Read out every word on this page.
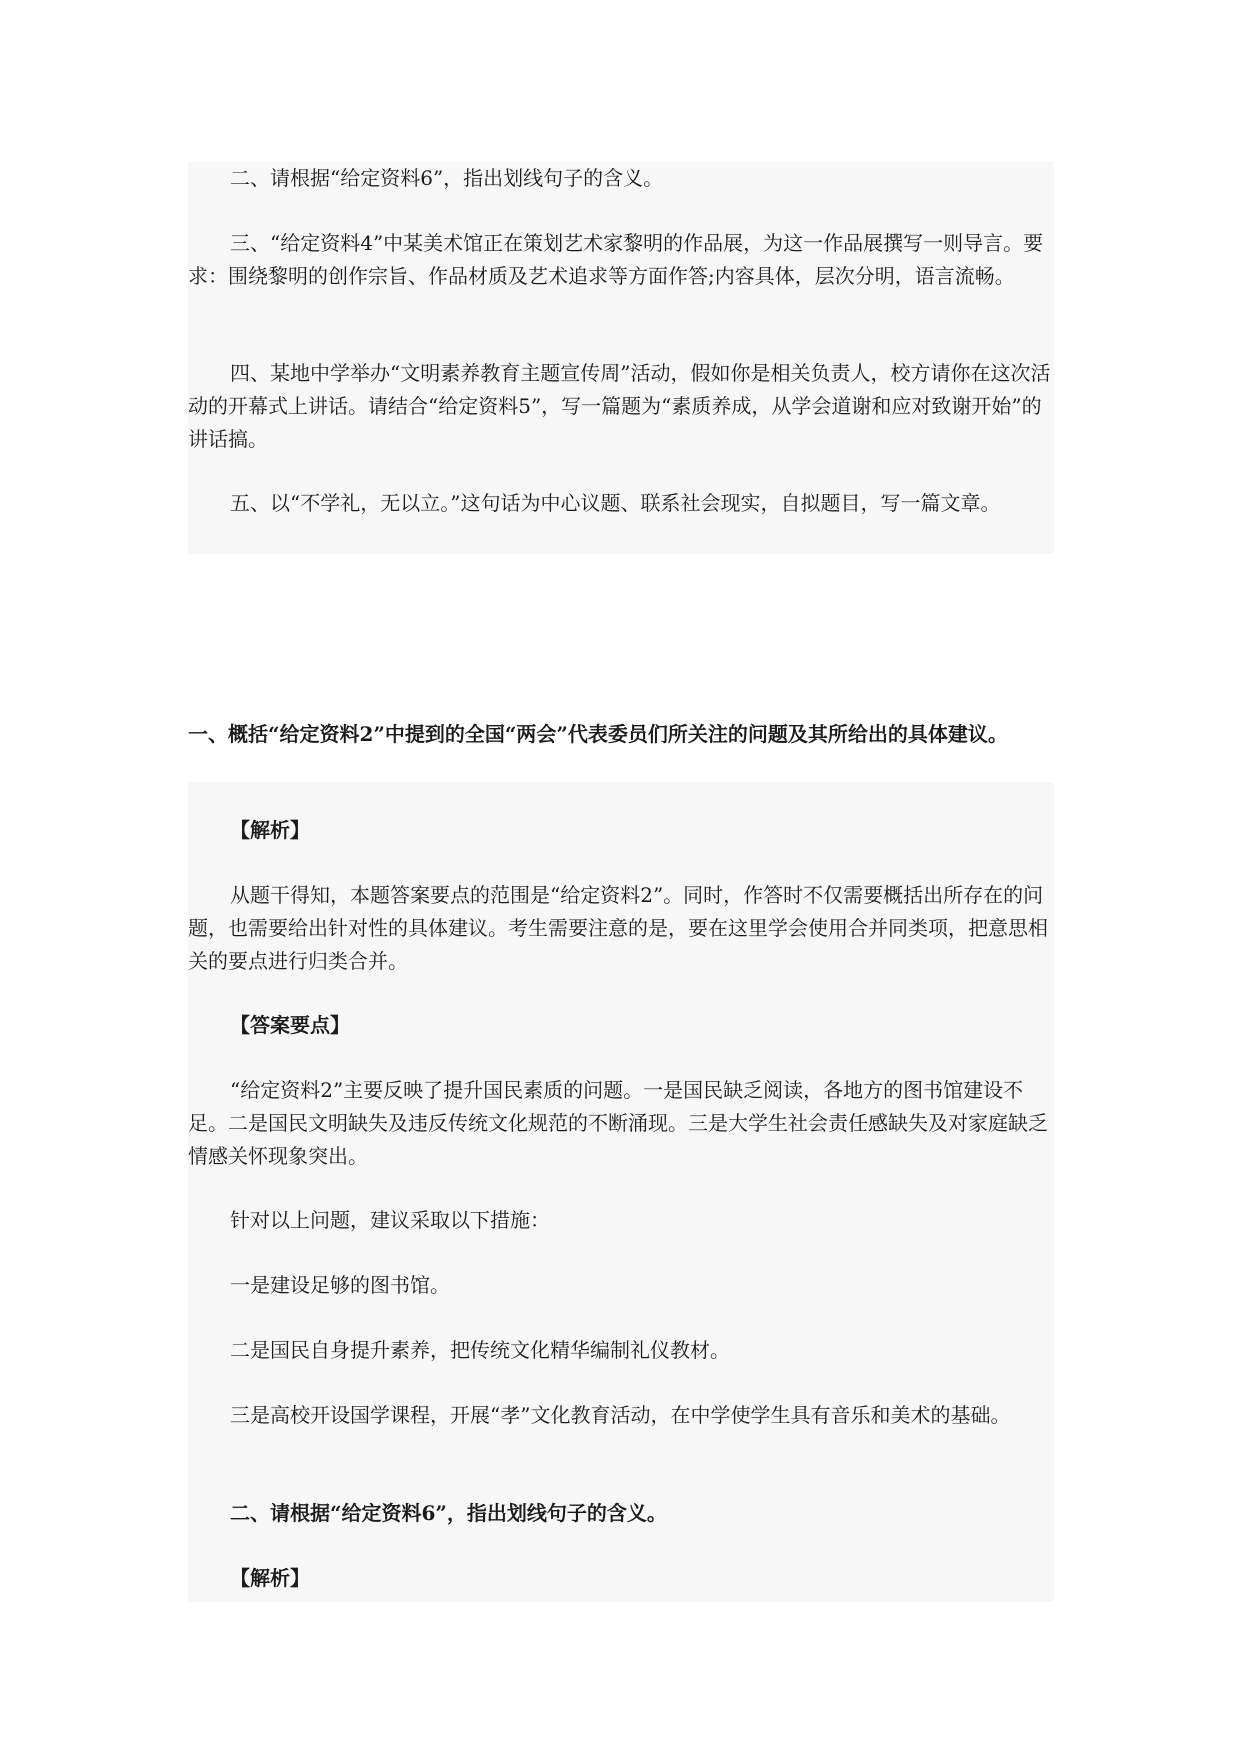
二、请根据“给定资料6”，指出划线句子的含义。

三、“给定资料4”中某美术馆正在策划艺术家黎明的作品展，为这一作品展撰写一则导言。要求：围绕黎明的创作宗旨、作品材质及艺术追求等方面作答;内容具体，层次分明，语言流畅。

四、某地中学举办“文明素养教育主题宣传周”活动，假如你是相关负责人，校方请你在这次活动的开幕式上讲话。请结合“给定资料5”，写一篇题为“素质养成，从学会道谢和应对致谢开始”的讲话搞。

五、以“不学礼，无以立。”这句话为中心议题、联系社会现实，自拟题目，写一篇文章。

一、概括“给定资料2”中提到的全国“两会”代表委员们所关注的问题及其所给出的具体建议。

【解析】

从题干得知，本题答案要点的范围是“给定资料2”。同时，作答时不仅需要概括出所存在的问题，也需要给出针对性的具体建议。考生需要注意的是，要在这里学会使用合并同类项，把意思相关的要点进行归类合并。

【答案要点】

“给定资料2”主要反映了提升国民素质的问题。一是国民缺乏阅读，各地方的图书馆建设不足。二是国民文明缺失及违反传统文化规范的不断涌现。三是大学生社会责任感缺失及对家庭缺乏情感关怀现象突出。

针对以上问题，建议采取以下措施：

一是建设足够的图书馆。

二是国民自身提升素养，把传统文化精华编制礼仪教材。

三是高校开设国学课程，开展“孝”文化教育活动，在中学使学生具有音乐和美术的基础。

二、请根据“给定资料6”，指出划线句子的含义。

【解析】
